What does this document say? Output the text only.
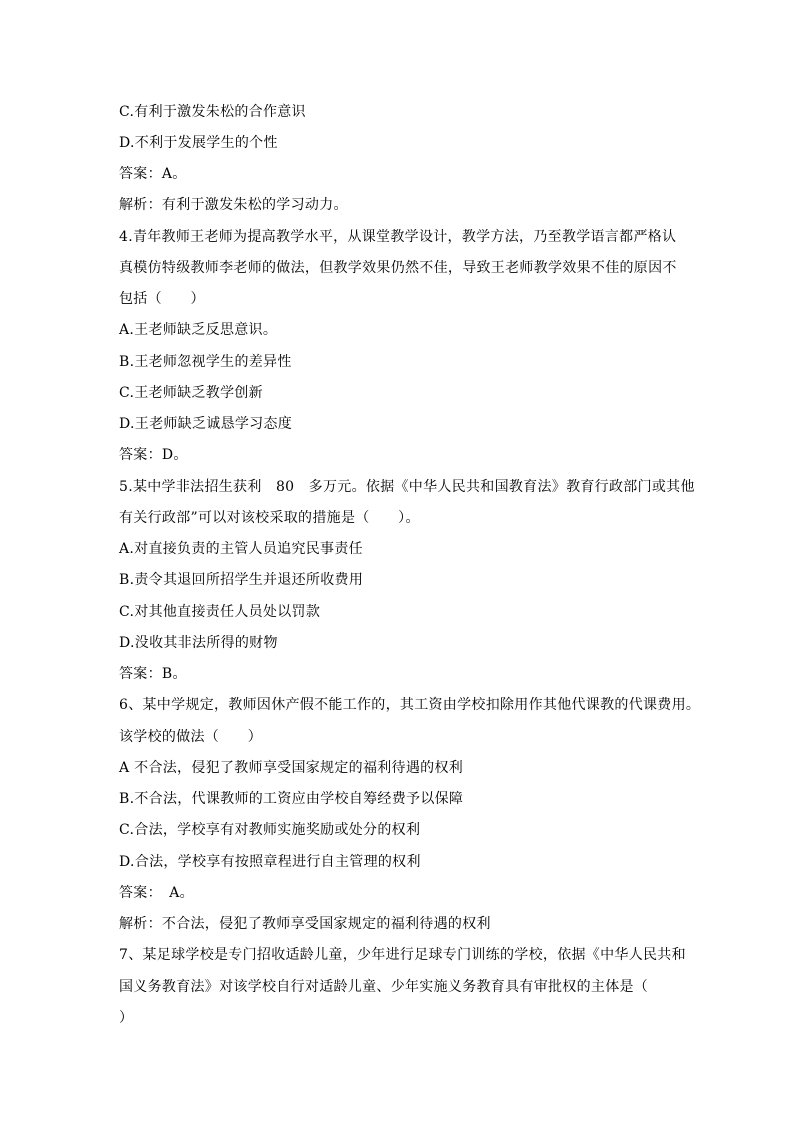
C.有利于激发朱松的合作意识
D.不利于发展学生的个性
答案：A。
解析：有利于激发朱松的学习动力。
4.青年教师王老师为提高教学水平，从课堂教学设计，教学方法，乃至教学语言都严格认
真模仿特级教师李老师的做法，但教学效果仍然不佳，导致王老师教学效果不佳的原因不
包括（　　）
A.王老师缺乏反思意识。
B.王老师忽视学生的差异性
C.王老师缺乏教学创新
D.王老师缺乏诚恳学习态度
答案：D。
5.某中学非法招生获利　80　多万元。依据《中华人民共和国教育法》教育行政部门或其他
有关行政部”可以对该校采取的措施是（　　）。
A.对直接负责的主管人员追究民事责任
B.责令其退回所招学生并退还所收费用
C.对其他直接责任人员处以罚款
D.没收其非法所得的财物
答案：B。
6、某中学规定，教师因休产假不能工作的，其工资由学校扣除用作其他代课教的代课费用。
该学校的做法（　　）
A 不合法，侵犯了教师享受国家规定的福利待遇的权利
B.不合法，代课教师的工资应由学校自筹经费予以保障
C.合法，学校享有对教师实施奖励或处分的权利
D.合法，学校享有按照章程进行自主管理的权利
答案：　A。
解析：不合法，侵犯了教师享受国家规定的福利待遇的权利
7、某足球学校是专门招收适龄儿童，少年进行足球专门训练的学校，依据《中华人民共和
国义务教育法》对该学校自行对适龄儿童、少年实施义务教育具有审批权的主体是（
）
